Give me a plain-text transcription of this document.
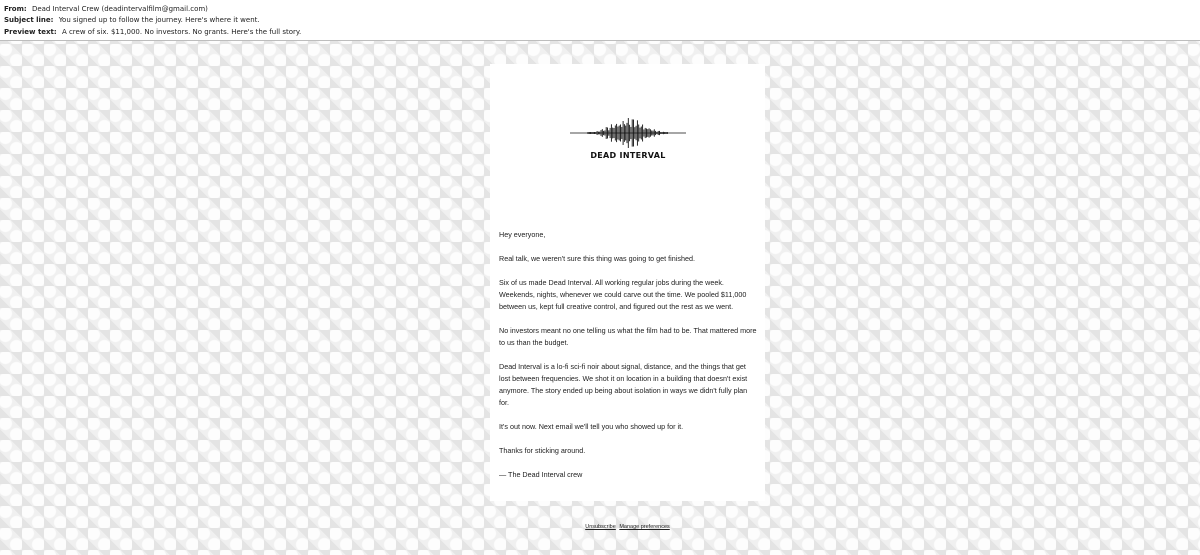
From: Dead Interval Crew (deadintervalfilm@gmail.com)
Subject line: You signed up to follow the journey. Here's where it went.
Preview text: A crew of six. $11,000. No investors. No grants. Here's the full story.
DEAD INTERVAL

Hey everyone,

Real talk, we weren't sure this thing was going to get finished.

Six of us made Dead Interval. All working regular jobs during the week. Weekends, nights, whenever we could carve out the time. We pooled $11,000 between us, kept full creative control, and figured out the rest as we went.

No investors meant no one telling us what the film had to be. That mattered more to us than the budget.

Dead Interval is a lo-fi sci-fi noir about signal, distance, and the things that get lost between frequencies. We shot it on location in a building that doesn't exist anymore. The story ended up being about isolation in ways we didn't fully plan for.

It's out now. Next email we'll tell you who showed up for it.

Thanks for sticking around.

— The Dead Interval crew

Unsubscribe Manage preferences
